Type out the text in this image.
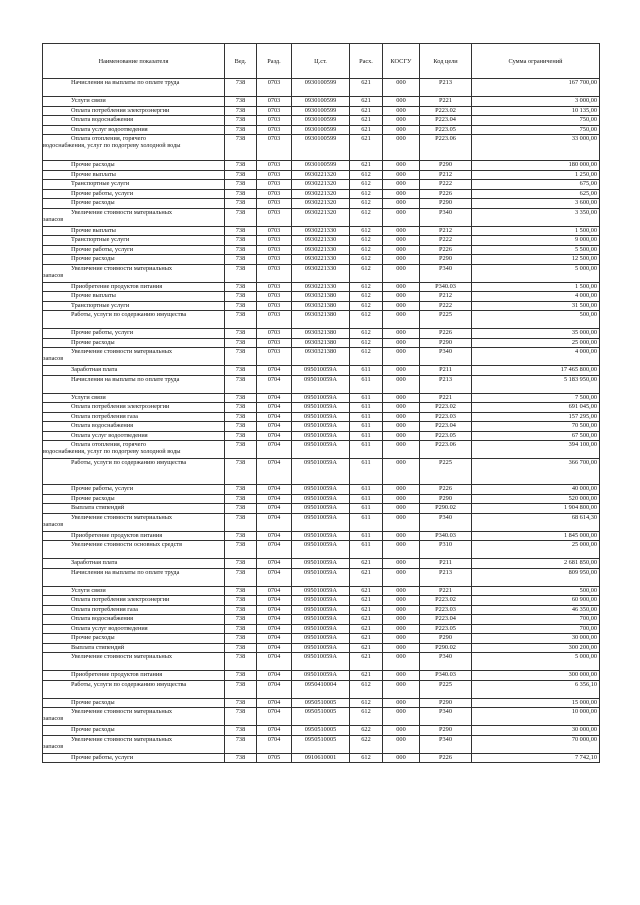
Наименование показателя	Вед.	Разд.	Ц.ст.	Расх.	КОСГУ	Код цели	Сумма ограничений
Начисления на выплаты по оплате труда	738	0703	0930100599	621	000	Р213	167 700,00
Услуги связи	738	0703	0930100599	621	000	Р221	3 000,00
Оплата потребления электроэнергии	738	0703	0930100599	621	000	Р223.02	10 135,00
Оплата водоснабжения	738	0703	0930100599	621	000	Р223.04	750,00
Оплата услуг водоотведения	738	0703	0930100599	621	000	Р223.05	750,00
Оплата отопления, горячего
водоснабжения, услуг по подогреву холодной воды	738	0703	0930100599	621	000	Р223.06	33 000,00
Прочие расходы	738	0703	0930100599	621	000	Р290	180 000,00
Прочие выплаты	738	0703	0930221320	612	000	Р212	1 250,00
Транспортные услуги	738	0703	0930221320	612	000	Р222	675,00
Прочие работы, услуги	738	0703	0930221320	612	000	Р226	625,00
Прочие расходы	738	0703	0930221320	612	000	Р290	3 600,00
Увеличение стоимости материальных
запасов	738	0703	0930221320	612	000	Р340	3 350,00
Прочие выплаты	738	0703	0930221330	612	000	Р212	1 500,00
Транспортные услуги	738	0703	0930221330	612	000	Р222	9 000,00
Прочие работы, услуги	738	0703	0930221330	612	000	Р226	5 500,00
Прочие расходы	738	0703	0930221330	612	000	Р290	12 500,00
Увеличение стоимости материальных
запасов	738	0703	0930221330	612	000	Р340	5 000,00
Приобретение продуктов питания	738	0703	0930221330	612	000	Р340.03	1 500,00
Прочие выплаты	738	0703	0930321380	612	000	Р212	4 000,00
Транспортные услуги	738	0703	0930321380	612	000	Р222	31 500,00
Работы, услуги по содержанию имущества	738	0703	0930321380	612	000	Р225	500,00
Прочие работы, услуги	738	0703	0930321380	612	000	Р226	35 000,00
Прочие расходы	738	0703	0930321380	612	000	Р290	25 000,00
Увеличение стоимости материальных
запасов	738	0703	0930321380	612	000	Р340	4 000,00
Заработная плата	738	0704	095010059А	611	000	Р211	17 465 800,00
Начисления на выплаты по оплате труда	738	0704	095010059А	611	000	Р213	5 183 950,00
Услуги связи	738	0704	095010059А	611	000	Р221	7 500,00
Оплата потребления электроэнергии	738	0704	095010059А	611	000	Р223.02	691 045,00
Оплата потребления газа	738	0704	095010059А	611	000	Р223.03	157 295,00
Оплата водоснабжения	738	0704	095010059А	611	000	Р223.04	70 500,00
Оплата услуг водоотведения	738	0704	095010059А	611	000	Р223.05	67 500,00
Оплата отопления, горячего
водоснабжения, услуг по подогреву холодной воды	738	0704	095010059А	611	000	Р223.06	394 100,00
Работы, услуги по содержанию имущества	738	0704	095010059А	611	000	Р225	366 700,00
Прочие работы, услуги	738	0704	095010059А	611	000	Р226	40 000,00
Прочие расходы	738	0704	095010059А	611	000	Р290	520 000,00
Выплата стипендий	738	0704	095010059А	611	000	Р290.02	1 904 800,00
Увеличение стоимости материальных
запасов	738	0704	095010059А	611	000	Р340	68 614,30
Приобретение продуктов питания	738	0704	095010059А	611	000	Р340.03	1 845 000,00
Увеличение стоимости основных средств	738	0704	095010059А	611	000	Р310	25 000,00
Заработная плата	738	0704	095010059А	621	000	Р211	2 681 850,00
Начисления на выплаты по оплате труда	738	0704	095010059А	621	000	Р213	809 950,00
Услуги связи	738	0704	095010059А	621	000	Р221	500,00
Оплата потребления электроэнергии	738	0704	095010059А	621	000	Р223.02	60 900,00
Оплата потребления газа	738	0704	095010059А	621	000	Р223.03	46 350,00
Оплата водоснабжения	738	0704	095010059А	621	000	Р223.04	700,00
Оплата услуг водоотведения	738	0704	095010059А	621	000	Р223.05	700,00
Прочие расходы	738	0704	095010059А	621	000	Р290	30 000,00
Выплата стипендий	738	0704	095010059А	621	000	Р290.02	300 200,00
Увеличение стоимости материальных	738	0704	095010059А	621	000	Р340	5 000,00
Приобретение продуктов питания	738	0704	095010059А	621	000	Р340.03	300 000,00
Работы, услуги по содержанию имущества	738	0704	0950410004	612	000	Р225	6 356,10
Прочие расходы	738	0704	0950510005	612	000	Р290	15 000,00
Увеличение стоимости материальных
запасов	738	0704	0950510005	612	000	Р340	10 000,00
Прочие расходы	738	0704	0950510005	622	000	Р290	30 000,00
Увеличение стоимости материальных
запасов	738	0704	0950510005	622	000	Р340	70 000,00
Прочие работы, услуги	738	0705	0910610001	612	000	Р226	7 742,10
